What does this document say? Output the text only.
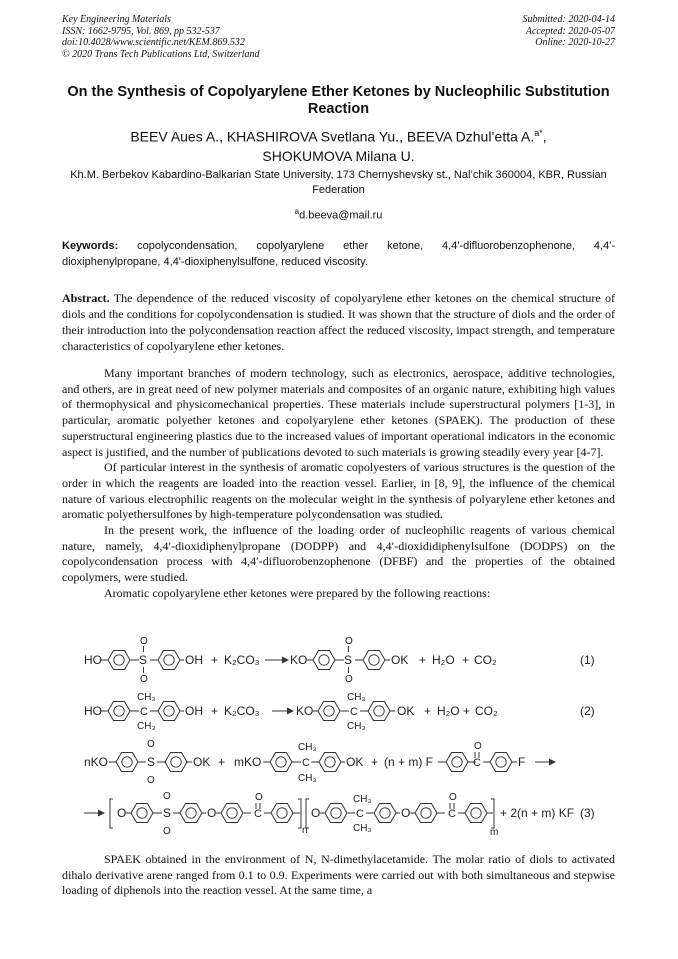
Key Engineering Materials
ISSN: 1662-9795, Vol. 869, pp 532-537
doi:10.4028/www.scientific.net/KEM.869.532
© 2020 Trans Tech Publications Ltd, Switzerland
Submitted: 2020-04-14
Accepted: 2020-05-07
Online: 2020-10-27
On the Synthesis of Copolyarylene Ether Ketones by Nucleophilic Substitution Reaction
BEEV Aues A., KHASHIROVA Svetlana Yu., BEEVA Dzhul’etta A.$^{a*}$,
SHOKUMOVA Milana U.
Kh.M. Berbekov Kabardino-Balkarian State University, 173 Chernyshevsky st., Nal’chik 360004, KBR, Russian Federation
$^a$d.beeva@mail.ru
Keywords: copolycondensation, copolyarylene ether ketone, 4,4'-difluorobenzophenone, 4,4'-dioxiphenylpropane, 4,4'-dioxiphenylsulfone, reduced viscosity.
Abstract. The dependence of the reduced viscosity of copolyarylene ether ketones on the chemical structure of diols and the conditions for copolycondensation is studied. It was shown that the structure of diols and the order of their introduction into the polycondensation reaction affect the reduced viscosity, impact strength, and temperature characteristics of copolyarylene ether ketones.

Many important branches of modern technology, such as electronics, aerospace, additive technologies, and others, are in great need of new polymer materials and composites of an organic nature, exhibiting high values of thermophysical and physicomechanical properties. These materials include superstructural polymers [1-3], in particular, aromatic polyether ketones and copolyarylene ether ketones (SPAEK). The production of these superstructural engineering plastics due to the increased values of important operational indicators in the economic aspect is justified, and the number of publications devoted to such materials is growing steadily every year [4-7].

Of particular interest in the synthesis of aromatic copolyesters of various structures is the question of the order in which the reagents are loaded into the reaction vessel. Earlier, in [8, 9], the influence of the chemical nature of various electrophilic reagents on the molecular weight in the synthesis of polyarylene ether ketones and aromatic polyethersulfones by high-temperature polycondensation was studied.

In the present work, the influence of the loading order of nucleophilic reagents of various chemical nature, namely, 4,4′-dioxidiphenylpropane (DODPP) and 4,4′-dioxididiphenylsulfone (DODPS) on the copolycondensation process with 4,4′-difluorobenzophenone (DFBF) and the properties of the obtained copolymers, were studied.

Aromatic copolyarylene ether ketones were prepared by the following reactions:

HO
O
S
O
OH + K₂CO₃	KO
O
S
O
OK + H₂O + CO₂	(1)
HO
CH₃
C
CH₃
OH + K₂CO₃	KO
CH₃
C
CH₃
OK + H₂O + CO₂	(2)
nKO
O
S
O
OK + mKO
CH₃
C
CH₃
OK + (n + m) F
O
C	F
O
O
S
O
O
O
C
n
O
CH₃
C
CH₃
O
O
C
m
+ 2(n + m) KF (3)

SPAEK obtained in the environment of N, N-dimethylacetamide. The molar ratio of diols to activated dihalo derivative arene ranged from 0.1 to 0.9. Experiments were carried out with both simultaneous and stepwise loading of diphenols into the reaction vessel. At the same time, a
